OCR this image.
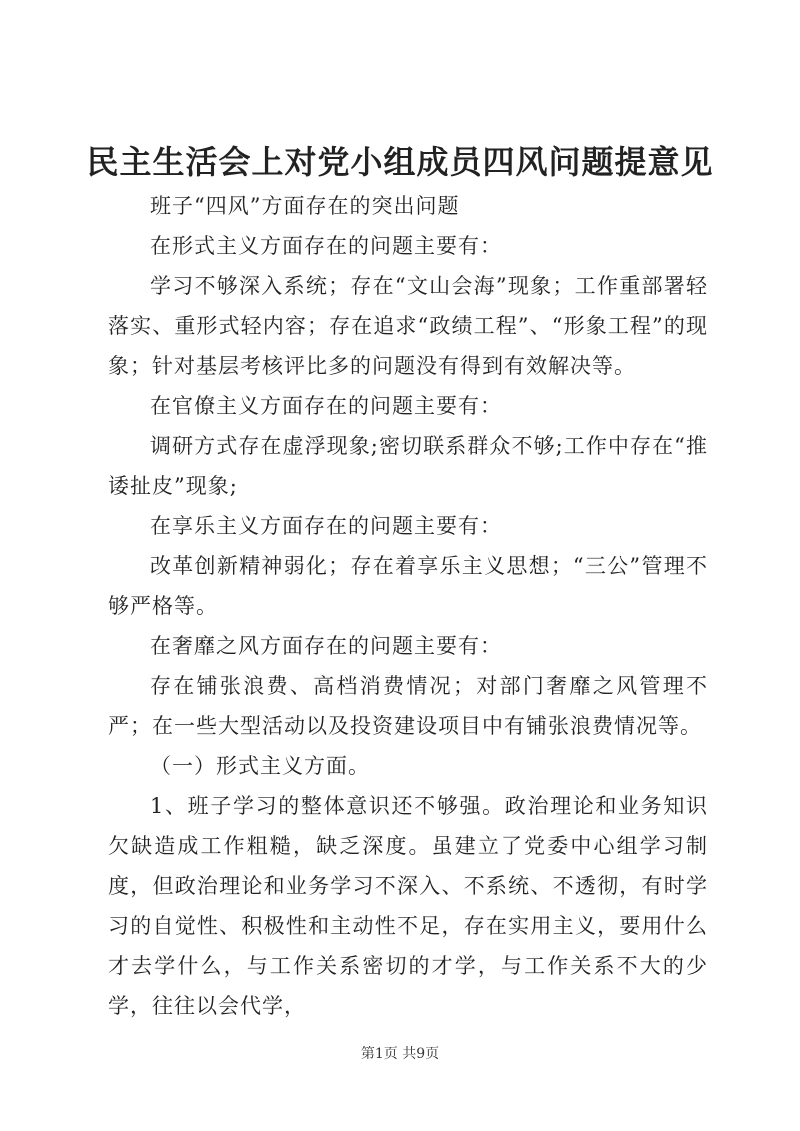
民主生活会上对党小组成员四风问题提意见

班子“四风”方面存在的突出问题

在形式主义方面存在的问题主要有：

学习不够深入系统；存在“文山会海”现象；工作重部署轻落实、重形式轻内容；存在追求“政绩工程”、“形象工程”的现象；针对基层考核评比多的问题没有得到有效解决等。

在官僚主义方面存在的问题主要有：

调研方式存在虚浮现象;密切联系群众不够;工作中存在“推诿扯皮”现象;

在享乐主义方面存在的问题主要有：

改革创新精神弱化；存在着享乐主义思想；“三公”管理不够严格等。

在奢靡之风方面存在的问题主要有：

存在铺张浪费、高档消费情况；对部门奢靡之风管理不严；在一些大型活动以及投资建设项目中有铺张浪费情况等。

（一）形式主义方面。

1、班子学习的整体意识还不够强。政治理论和业务知识欠缺造成工作粗糙，缺乏深度。虽建立了党委中心组学习制度，但政治理论和业务学习不深入、不系统、不透彻，有时学习的自觉性、积极性和主动性不足，存在实用主义，要用什么才去学什么，与工作关系密切的才学，与工作关系不大的少学，往往以会代学，

第1页 共9页
